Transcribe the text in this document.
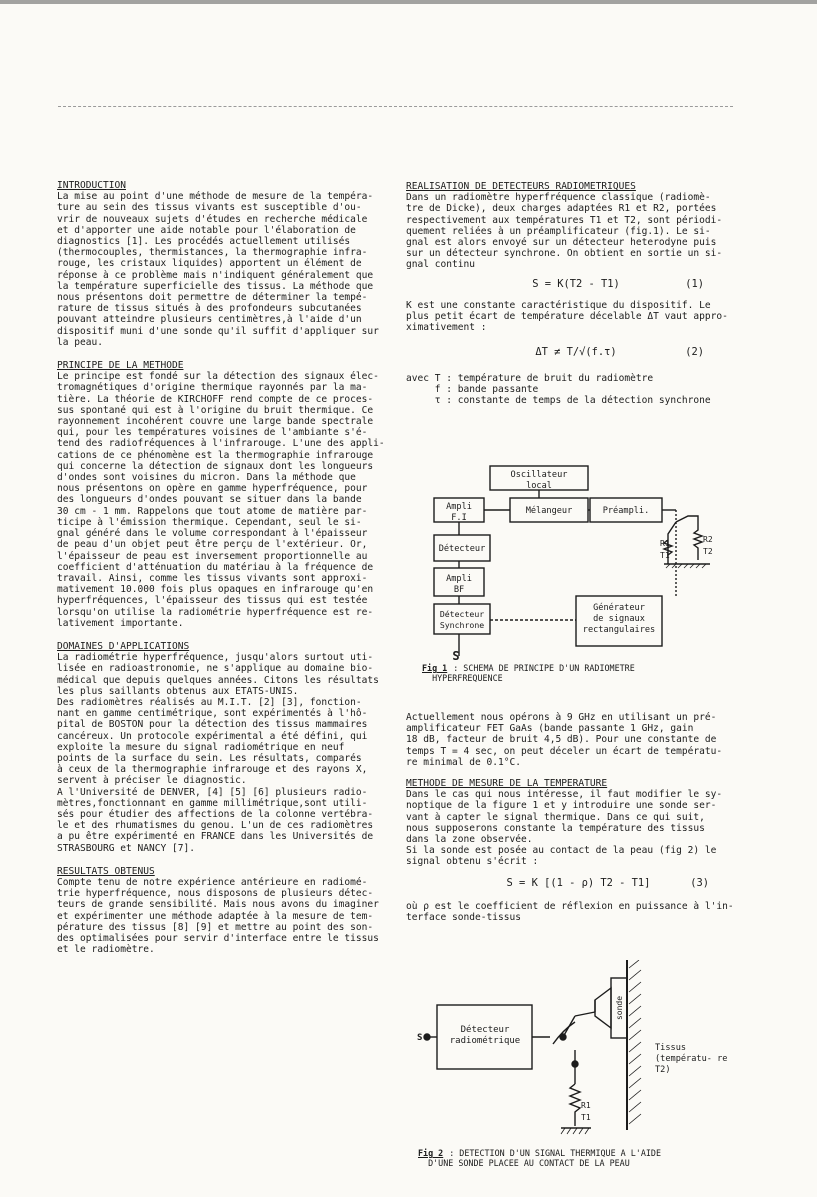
INTRODUCTION
La mise au point d'une méthode de mesure de la tempéra-
ture au sein des tissus vivants est susceptible d'ou-
vrir de nouveaux sujets d'études en recherche médicale
et d'apporter une aide notable pour l'élaboration de
diagnostics [1]. Les procédés actuellement utilisés
(thermocouples, thermistances, la thermographie infra-
rouge, les cristaux liquides) apportent un élément de
réponse à ce problème mais n'indiquent généralement que
la température superficielle des tissus. La méthode que
nous présentons doit permettre de déterminer la tempé-
rature de tissus situés à des profondeurs subcutanées
pouvant atteindre plusieurs centimètres,à l'aide d'un
dispositif muni d'une sonde qu'il suffit d'appliquer sur
la peau.
PRINCIPE DE LA METHODE
Le principe est fondé sur la détection des signaux élec-
tromagnétiques d'origine thermique rayonnés par la ma-
tière. La théorie de KIRCHOFF rend compte de ce proces-
sus spontané qui est à l'origine du bruit thermique. Ce
rayonnement incohérent couvre une large bande spectrale
qui, pour les températures voisines de l'ambiante s'é-
tend des radiofréquences à l'infrarouge. L'une des appli-
cations de ce phénomène est la thermographie infrarouge
qui concerne la détection de signaux dont les longueurs
d'ondes sont voisines du micron. Dans la méthode que
nous présentons on opère en gamme hyperfréquence, pour
des longueurs d'ondes pouvant se situer dans la bande
30 cm - 1 mm. Rappelons que tout atome de matière par-
ticipe à l'émission thermique. Cependant, seul le si-
gnal généré dans le volume correspondant à l'épaisseur
de peau d'un objet peut être perçu de l'extérieur. Or,
l'épaisseur de peau est inversement proportionnelle au
coefficient d'atténuation du matériau à la fréquence de
travail. Ainsi, comme les tissus vivants sont approxi-
mativement 10.000 fois plus opaques en infrarouge qu'en
hyperfréquences, l'épaisseur des tissus qui est testée
lorsqu'on utilise la radiométrie hyperfréquence est re-
lativement importante.
DOMAINES D'APPLICATIONS
La radiométrie hyperfréquence, jusqu'alors surtout uti-
lisée en radioastronomie, ne s'applique au domaine bio-
médical que depuis quelques années. Citons les résultats
les plus saillants obtenus aux ETATS-UNIS.
Des radiomètres réalisés au M.I.T. [2] [3], fonction-
nant en gamme centimétrique, sont expérimentés à l'hô-
pital de BOSTON pour la détection des tissus mammaires
cancéreux. Un protocole expérimental a été défini, qui
exploite la mesure du signal radiométrique en neuf
points de la surface du sein. Les résultats, comparés
à ceux de la thermographie infrarouge et des rayons X,
servent à préciser le diagnostic.
A l'Université de DENVER, [4] [5] [6] plusieurs radio-
mètres,fonctionnant en gamme millimétrique,sont utili-
sés pour étudier des affections de la colonne vertébra-
le et des rhumatismes du genou. L'un de ces radiomètres
a pu être expérimenté en FRANCE dans les Universités de
STRASBOURG et NANCY [7].
RESULTATS OBTENUS
Compte tenu de notre expérience antérieure en radiomé-
trie hyperfréquence, nous disposons de plusieurs détec-
teurs de grande sensibilité. Mais nous avons du imaginer
et expérimenter une méthode adaptée à la mesure de tem-
pérature des tissus [8] [9] et mettre au point des son-
des optimalisées pour servir d'interface entre le tissus
et le radiomètre.
REALISATION DE DETECTEURS RADIOMETRIQUES
Dans un radiomètre hyperfréquence classique (radiomè-
tre de Dicke), deux charges adaptées R1 et R2, portées
respectivement aux températures T1 et T2, sont périodi-
quement reliées à un préamplificateur (fig.1). Le si-
gnal est alors envoyé sur un détecteur heterodyne puis
sur un détecteur synchrone. On obtient en sortie un si-
gnal continu
S = K(T2 - T1)	(1)
K est une constante caractéristique du dispositif. Le
plus petit écart de température décelable ΔT vaut appro-
ximativement :
ΔT ≠ T/√(f.τ)	(2)
avec T : température de bruit du radiomètre
f : bande passante
τ : constante de temps de la détection synchrone
Oscillateur local
Ampli F.I
Mélangeur	Préampli.
Détecteur
Ampli BF
Détecteur Synchrone
Générateur de signaux rectangulaires
S
R1
T1
R2
T2
Fig 1 : SCHEMA DE PRINCIPE D'UN RADIOMETRE
HYPERFREQUENCE
Actuellement nous opérons à 9 GHz en utilisant un pré-
amplificateur FET GaAs (bande passante 1 GHz, gain
18 dB, facteur de bruit 4,5 dB). Pour une constante de
temps T = 4 sec, on peut déceler un écart de températu-
re minimal de 0.1°C.
METHODE DE MESURE DE LA TEMPERATURE
Dans le cas qui nous intéresse, il faut modifier le sy-
noptique de la figure 1 et y introduire une sonde ser-
vant à capter le signal thermique. Dans ce qui suit,
nous supposerons constante la température des tissus
dans la zone observée.
Si la sonde est posée au contact de la peau (fig 2) le
signal obtenu s'écrit :
S = K [(1 - ρ) T2 - T1]	(3)
où ρ est le coefficient de réflexion en puissance à l'in-
terface sonde-tissus
Détecteur radiométrique
S
sonde
Tissus (températu- re T2)
R1
T1
Fig 2 : DETECTION D'UN SIGNAL THERMIQUE A L'AIDE
D'UNE SONDE PLACEE AU CONTACT DE LA PEAU
